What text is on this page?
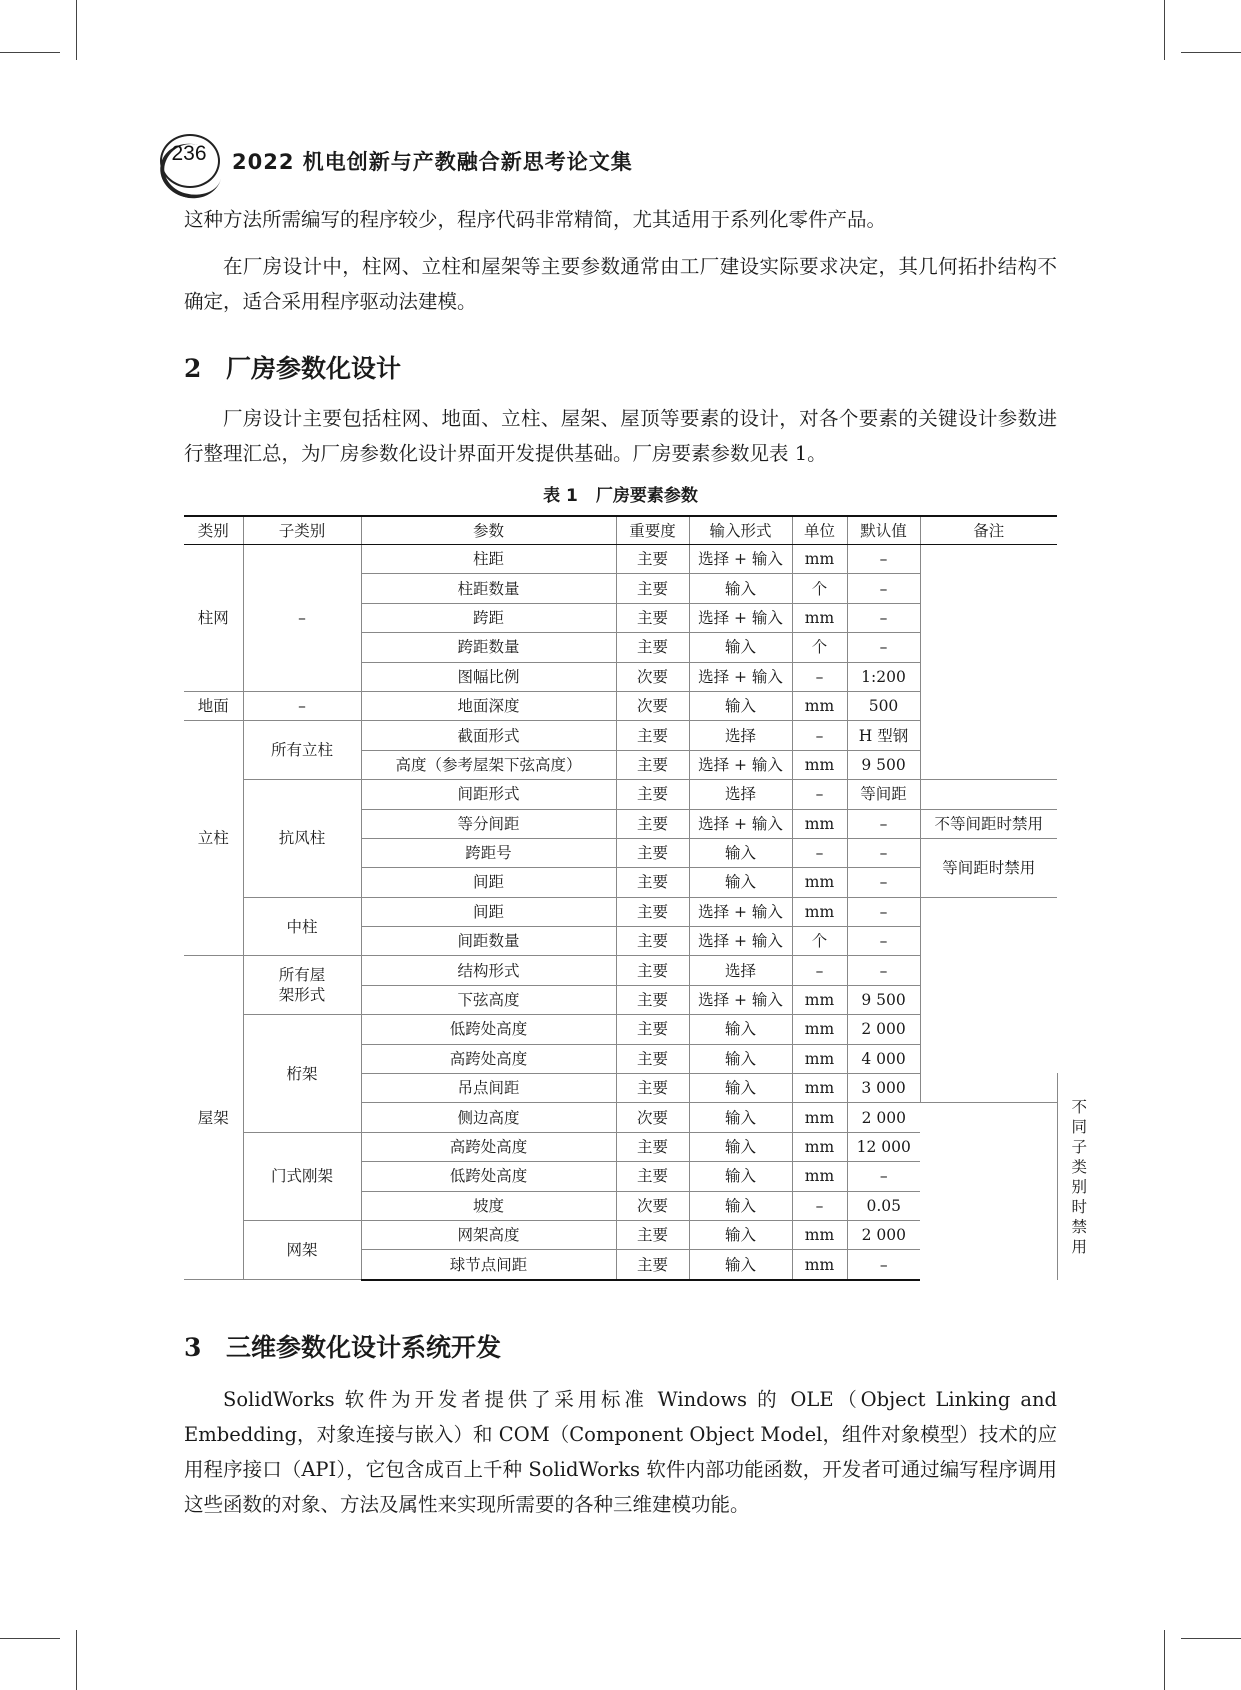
236 2022 机电创新与产教融合新思考论文集

这种方法所需编写的程序较少，程序代码非常精简，尤其适用于系列化零件产品。

在厂房设计中，柱网、立柱和屋架等主要参数通常由工厂建设实际要求决定，其几何拓扑结构不确定，适合采用程序驱动法建模。

2 厂房参数化设计

厂房设计主要包括柱网、地面、立柱、屋架、屋顶等要素的设计，对各个要素的关键设计参数进行整理汇总，为厂房参数化设计界面开发提供基础。厂房要素参数见表 1。

表 1 厂房要素参数
类别	子类别	参数	重要度	输入形式	单位	默认值	备注	
柱网	–	柱距	主要	选择 + 输入	mm	–		
		柱距数量	主要	输入	个	–		
		跨距	主要	选择 + 输入	mm	–		
		跨距数量	主要	输入	个	–		
		图幅比例	次要	选择 + 输入	–	1:200		
地面	–	地面深度	次要	输入	mm	500		
立柱	所有立柱	截面形式	主要	选择	–	H 型钢		
		高度（参考屋架下弦高度）	主要	选择 + 输入	mm	9 500		
	抗风柱	间距形式	主要	选择	–	等间距		
		等分间距	主要	选择 + 输入	mm	–	不等间距时禁用	
		跨距号	主要	输入	–	–	等间距时禁用	
		间距	主要	输入	mm	–		
	中柱	间距	主要	选择 + 输入	mm	–		
		间距数量	主要	选择 + 输入	个	–		
屋架	所有屋架形式	结构形式	主要	选择	–	–		
		下弦高度	主要	选择 + 输入	mm	9 500		
	桁架	低跨处高度	主要	输入	mm	2 000		
		高跨处高度	主要	输入	mm	4 000		
		吊点间距	主要	输入	mm	3 000		不同子类别时禁用
		侧边高度	次要	输入	mm	2 000		
	门式刚架	高跨处高度	主要	输入	mm	12 000		
		低跨处高度	主要	输入	mm	–		
		坡度	次要	输入	–	0.05		
	网架	网架高度	主要	输入	mm	2 000		
		球节点间距	主要	输入	mm	–		
3 三维参数化设计系统开发

SolidWorks 软件为开发者提供了采用标准 Windows 的 OLE（Object Linking and Embedding，对象连接与嵌入）和 COM（Component Object Model，组件对象模型）技术的应用程序接口（API），它包含成百上千种 SolidWorks 软件内部功能函数，开发者可通过编写程序调用这些函数的对象、方法及属性来实现所需要的各种三维建模功能。
